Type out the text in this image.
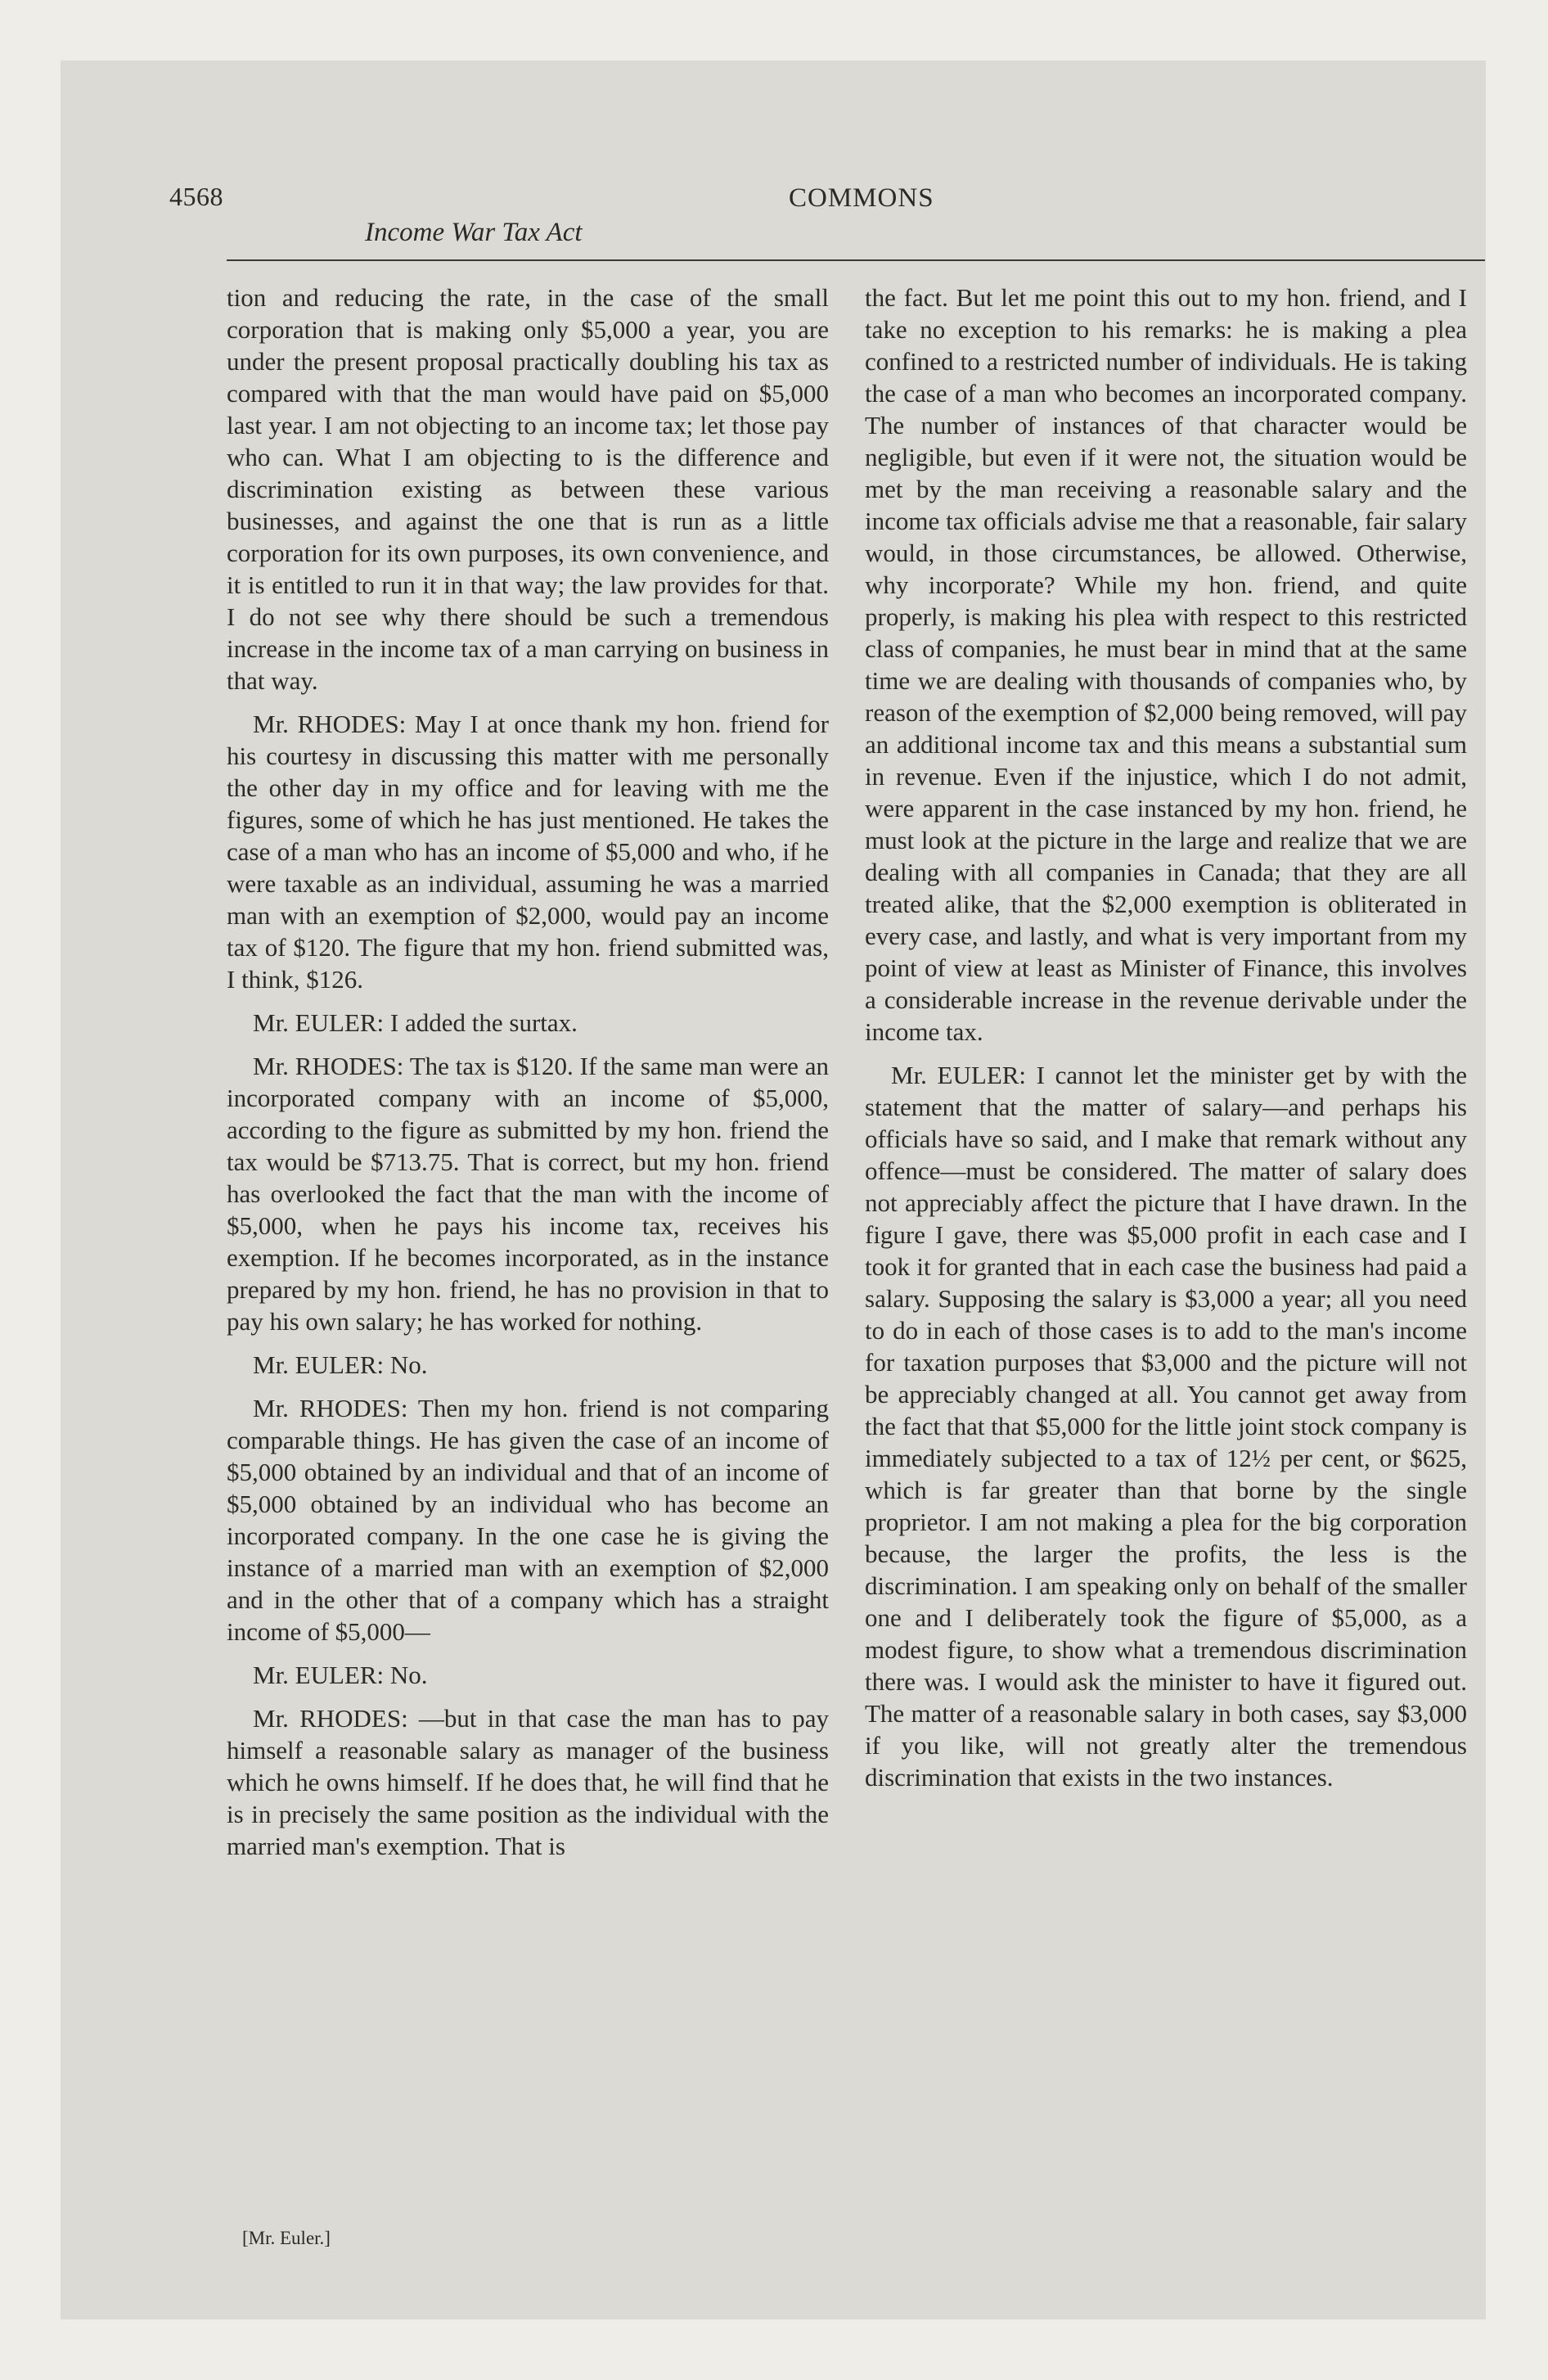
4568
Income War Tax Act
COMMONS

tion and reducing the rate, in the case of the small corporation that is making only $5,000 a year, you are under the present proposal practically doubling his tax as compared with that the man would have paid on $5,000 last year. I am not objecting to an income tax; let those pay who can. What I am objecting to is the difference and discrimination existing as between these various businesses, and against the one that is run as a little corporation for its own purposes, its own convenience, and it is entitled to run it in that way; the law provides for that. I do not see why there should be such a tremendous increase in the income tax of a man carrying on business in that way.

Mr. RHODES: May I at once thank my hon. friend for his courtesy in discussing this matter with me personally the other day in my office and for leaving with me the figures, some of which he has just mentioned. He takes the case of a man who has an income of $5,000 and who, if he were taxable as an individual, assuming he was a married man with an exemption of $2,000, would pay an income tax of $120. The figure that my hon. friend submitted was, I think, $126.

Mr. EULER: I added the surtax.

Mr. RHODES: The tax is $120. If the same man were an incorporated company with an income of $5,000, according to the figure as submitted by my hon. friend the tax would be $713.75. That is correct, but my hon. friend has overlooked the fact that the man with the income of $5,000, when he pays his income tax, receives his exemption. If he becomes incorporated, as in the instance prepared by my hon. friend, he has no provision in that to pay his own salary; he has worked for nothing.

Mr. EULER: No.

Mr. RHODES: Then my hon. friend is not comparing comparable things. He has given the case of an income of $5,000 obtained by an individual and that of an income of $5,000 obtained by an individual who has become an incorporated company. In the one case he is giving the instance of a married man with an exemption of $2,000 and in the other that of a company which has a straight income of $5,000—

Mr. EULER: No.

Mr. RHODES: —but in that case the man has to pay himself a reasonable salary as manager of the business which he owns himself. If he does that, he will find that he is in precisely the same position as the individual with the married man's exemption. That is

the fact. But let me point this out to my hon. friend, and I take no exception to his remarks: he is making a plea confined to a restricted number of individuals. He is taking the case of a man who becomes an incorporated company. The number of instances of that character would be negligible, but even if it were not, the situation would be met by the man receiving a reasonable salary and the income tax officials advise me that a reasonable, fair salary would, in those circumstances, be allowed. Otherwise, why incorporate? While my hon. friend, and quite properly, is making his plea with respect to this restricted class of companies, he must bear in mind that at the same time we are dealing with thousands of companies who, by reason of the exemption of $2,000 being removed, will pay an additional income tax and this means a substantial sum in revenue. Even if the injustice, which I do not admit, were apparent in the case instanced by my hon. friend, he must look at the picture in the large and realize that we are dealing with all companies in Canada; that they are all treated alike, that the $2,000 exemption is obliterated in every case, and lastly, and what is very important from my point of view at least as Minister of Finance, this involves a considerable increase in the revenue derivable under the income tax.

Mr. EULER: I cannot let the minister get by with the statement that the matter of salary—and perhaps his officials have so said, and I make that remark without any offence—must be considered. The matter of salary does not appreciably affect the picture that I have drawn. In the figure I gave, there was $5,000 profit in each case and I took it for granted that in each case the business had paid a salary. Supposing the salary is $3,000 a year; all you need to do in each of those cases is to add to the man's income for taxation purposes that $3,000 and the picture will not be appreciably changed at all. You cannot get away from the fact that that $5,000 for the little joint stock company is immediately subjected to a tax of 12½ per cent, or $625, which is far greater than that borne by the single proprietor. I am not making a plea for the big corporation because, the larger the profits, the less is the discrimination. I am speaking only on behalf of the smaller one and I deliberately took the figure of $5,000, as a modest figure, to show what a tremendous discrimination there was. I would ask the minister to have it figured out. The matter of a reasonable salary in both cases, say $3,000 if you like, will not greatly alter the tremendous discrimination that exists in the two instances.

[Mr. Euler.]
